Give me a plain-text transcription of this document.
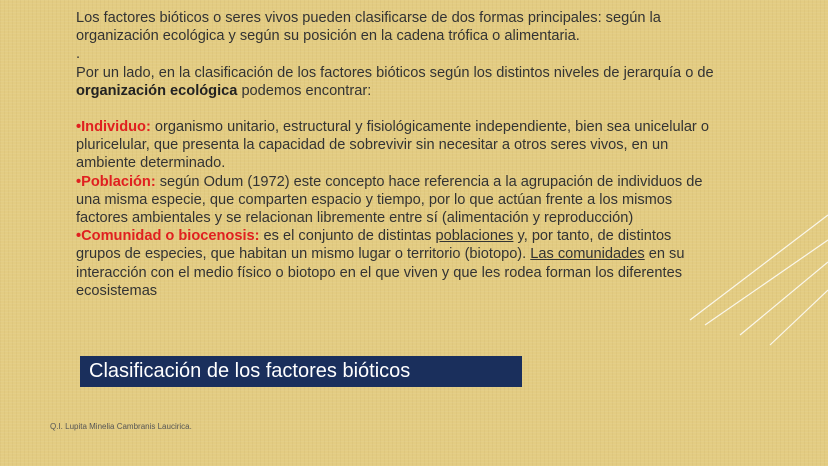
Los factores bióticos o seres vivos pueden clasificarse de dos formas principales: según la organización ecológica y según su posición en la cadena trófica o alimentaria.

.

Por un lado, en la clasificación de los factores bióticos según los distintos niveles de jerarquía o de organización ecológica podemos encontrar:

•Individuo: organismo unitario, estructural y fisiológicamente independiente, bien sea unicelular o pluricelular, que presenta la capacidad de sobrevivir sin necesitar a otros seres vivos, en un ambiente determinado.

•Población: según Odum (1972) este concepto hace referencia a la agrupación de individuos de una misma especie, que comparten espacio y tiempo, por lo que actúan frente a los mismos factores ambientales y se relacionan libremente entre sí (alimentación y reproducción)

•Comunidad o biocenosis: es el conjunto de distintas poblaciones y, por tanto, de distintos grupos de especies, que habitan un mismo lugar o territorio (biotopo). Las comunidades en su interacción con el medio físico o biotopo en el que viven y que les rodea forman los diferentes ecosistemas

Clasificación de los factores bióticos
Q.I. Lupita Minelia Cambranis Laucirica.
